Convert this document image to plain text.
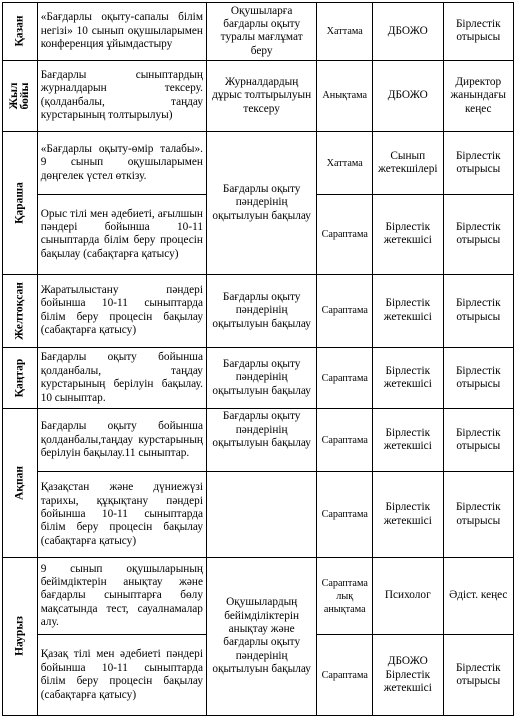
Қазан	«Бағдарлы оқыту-сапалы білім негізі» 10 сынып оқушыларымен конференция ұйымдастыру	Оқушыларға бағдарлы оқыту туралы мағлұмат беру	Хаттама	ДБОЖО	Бірлестік отырысы

Жыл бойы	Бағдарлы сыныптардың журналдарын тексеру. (қолданбалы, таңдау курстарының толтырылуы)	Журналдардың дұрыс толтырылуын тексеру	Анықтама	ДБОЖО	Директор жанындағы кеңес

Қараша	«Бағдарлы оқыту-өмір талабы». 9 сынып оқушыларымен дөңгелек үстел өткізу.	Бағдарлы оқыту пәндерінің оқытылуын бақылау	Хаттама	Сынып жетекшілері	Бірлестік отырысы
	Орыс тілі мен әдебиеті, ағылшын пәндері бойынша 10-11 сыныптарда білім беру процесін бақылау (сабақтарға қатысу)		Сараптама	Бірлестік жетекшісі	Бірлестік отырысы

Желтоқсан	Жаратылыстану пәндері бойынша 10-11 сыныптарда білім беру процесін бақылау (сабақтарға қатысу)	Бағдарлы оқыту пәндерінің оқытылуын бақылау	Сараптама	Бірлестік жетекшісі	Бірлестік отырысы

Қаңтар	Бағдарлы оқыту бойынша қолданбалы, таңдау курстарының берілуін бақылау. 10 сыныптар.	Бағдарлы оқыту пәндерінің оқытылуын бақылау	Сараптама	Бірлестік жетекшісі	Бірлестік отырысы

Ақпан	Бағдарлы оқыту бойынша қолданбалы,таңдау курстарының берілуін бақылау.11 сыныптар.	Бағдарлы оқыту пәндерінің оқытылуын бақылау	Сараптама	Бірлестік жетекшісі	Бірлестік отырысы
	Қазақстан және дүниежүзі тарихы, құқықтану пәндері бойынша 10-11 сыныптарда білім беру процесін бақылау (сабақтарға қатысу)		Сараптама	Бірлестік жетекшісі	Бірлестік отырысы

Наурыз	9 сынып оқушыларының бейімдіктерін анықтау және бағдарлы сыныптарға бөлу мақсатында тест, сауалнамалар алу.	Оқушылардың бейімділіктерін анықтау және бағдарлы оқыту пәндерінің оқытылуын бақылау	Сараптама лық анықтама	Психолог	Әдіст. кеңес
	Қазақ тілі мен әдебиеті пәндері бойынша 10-11 сыныптарда білім беру процесін бақылау (сабақтарға қатысу)		Сараптама	ДБОЖО Бірлестік жетекшісі	Бірлестік отырысы
